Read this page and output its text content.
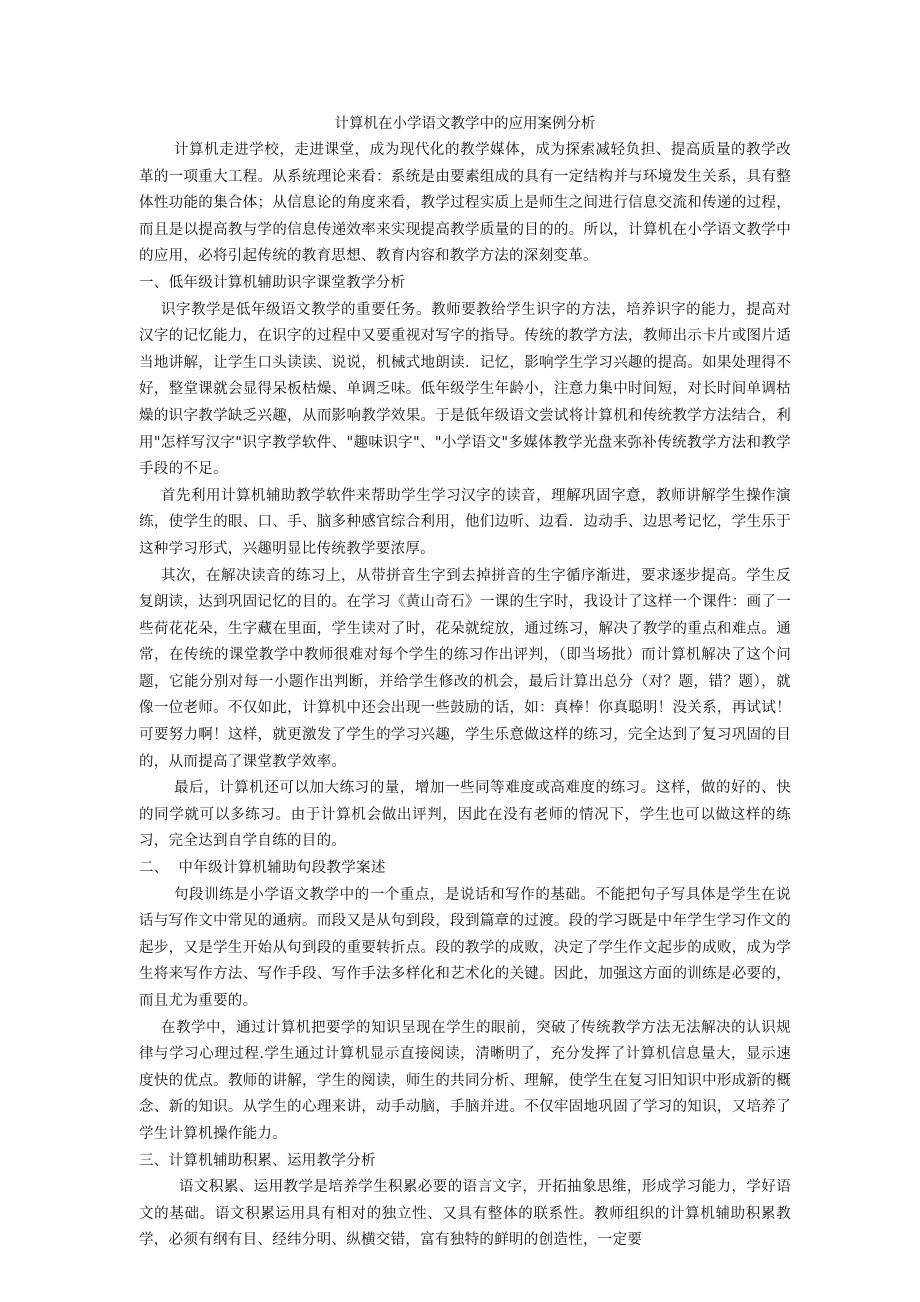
计算机在小学语文教学中的应用案例分析

计算机走进学校，走进课堂，成为现代化的教学媒体，成为探索减轻负担、提高质量的教学改革的一项重大工程。从系统理论来看：系统是由要素组成的具有一定结构并与环境发生关系，具有整体性功能的集合体；从信息论的角度来看，教学过程实质上是师生之间进行信息交流和传递的过程，而且是以提高教与学的信息传递效率来实现提高教学质量的目的的。所以，计算机在小学语文教学中的应用，必将引起传统的教育思想、教育内容和教学方法的深刻变革。

一、低年级计算机辅助识字课堂教学分析

识字教学是低年级语文教学的重要任务。教师要教给学生识字的方法，培养识字的能力，提高对汉字的记忆能力，在识字的过程中又要重视对写字的指导。传统的教学方法，教师出示卡片或图片适当地讲解，让学生口头读读、说说，机械式地朗读．记忆，影响学生学习兴趣的提高。如果处理得不好，整堂课就会显得呆板枯燥、单调乏味。低年级学生年龄小，注意力集中时间短，对长时间单调枯燥的识字教学缺乏兴趣，从而影响教学效果。于是低年级语文尝试将计算机和传统教学方法结合，利用"怎样写汉字"识字教学软件、"趣味识字"、"小学语文"多媒体教学光盘来弥补传统教学方法和教学手段的不足。

首先利用计算机辅助教学软件来帮助学生学习汉字的读音，理解巩固字意，教师讲解学生操作演练，使学生的眼、口、手、脑多种感官综合利用，他们边听、边看．边动手、边思考记忆，学生乐于这种学习形式，兴趣明显比传统教学要浓厚。

其次，在解决读音的练习上，从带拼音生字到去掉拼音的生字循序渐进，要求逐步提高。学生反复朗读，达到巩固记忆的目的。在学习《黄山奇石》一课的生字时，我设计了这样一个课件：画了一些荷花花朵，生字藏在里面，学生读对了时，花朵就绽放，通过练习，解决了教学的重点和难点。通常，在传统的课堂教学中教师很难对每个学生的练习作出评判，（即当场批）而计算机解决了这个问题，它能分别对每一小题作出判断，并给学生修改的机会，最后计算出总分（对？题，错？题），就像一位老师。不仅如此，计算机中还会出现一些鼓励的话，如：真棒！你真聪明！没关系，再试试！可要努力啊！这样，就更激发了学生的学习兴趣，学生乐意做这样的练习，完全达到了复习巩固的目的，从而提高了课堂教学效率。

最后，计算机还可以加大练习的量，增加一些同等难度或高难度的练习。这样，做的好的、快的同学就可以多练习。由于计算机会做出评判，因此在没有老师的情况下，学生也可以做这样的练习，完全达到自学自练的目的。

二、  中年级计算机辅助句段教学案述

句段训练是小学语文教学中的一个重点，是说话和写作的基础。不能把句子写具体是学生在说话与写作文中常见的通病。而段又是从句到段，段到篇章的过渡。段的学习既是中年学生学习作文的起步，又是学生开始从句到段的重要转折点。段的教学的成败，决定了学生作文起步的成败，成为学生将来写作方法、写作手段、写作手法多样化和艺术化的关键。因此，加强这方面的训练是必要的，而且尤为重要的。

在教学中，通过计算机把要学的知识呈现在学生的眼前，突破了传统教学方法无法解决的认识规律与学习心理过程.学生通过计算机显示直接阅读，清晰明了，充分发挥了计算机信息量大，显示速度快的优点。教师的讲解，学生的阅读，师生的共同分析、理解，使学生在复习旧知识中形成新的概念、新的知识。从学生的心理来讲，动手动脑，手脑并进。不仅牢固地巩固了学习的知识，又培养了学生计算机操作能力。

三、计算机辅助积累、运用教学分析

语文积累、运用教学是培养学生积累必要的语言文字，开拓抽象思维，形成学习能力，学好语文的基础。语文积累运用具有相对的独立性、又具有整体的联系性。教师组织的计算机辅助积累教学，必须有纲有目、经纬分明、纵横交错，富有独特的鲜明的创造性，一定要
